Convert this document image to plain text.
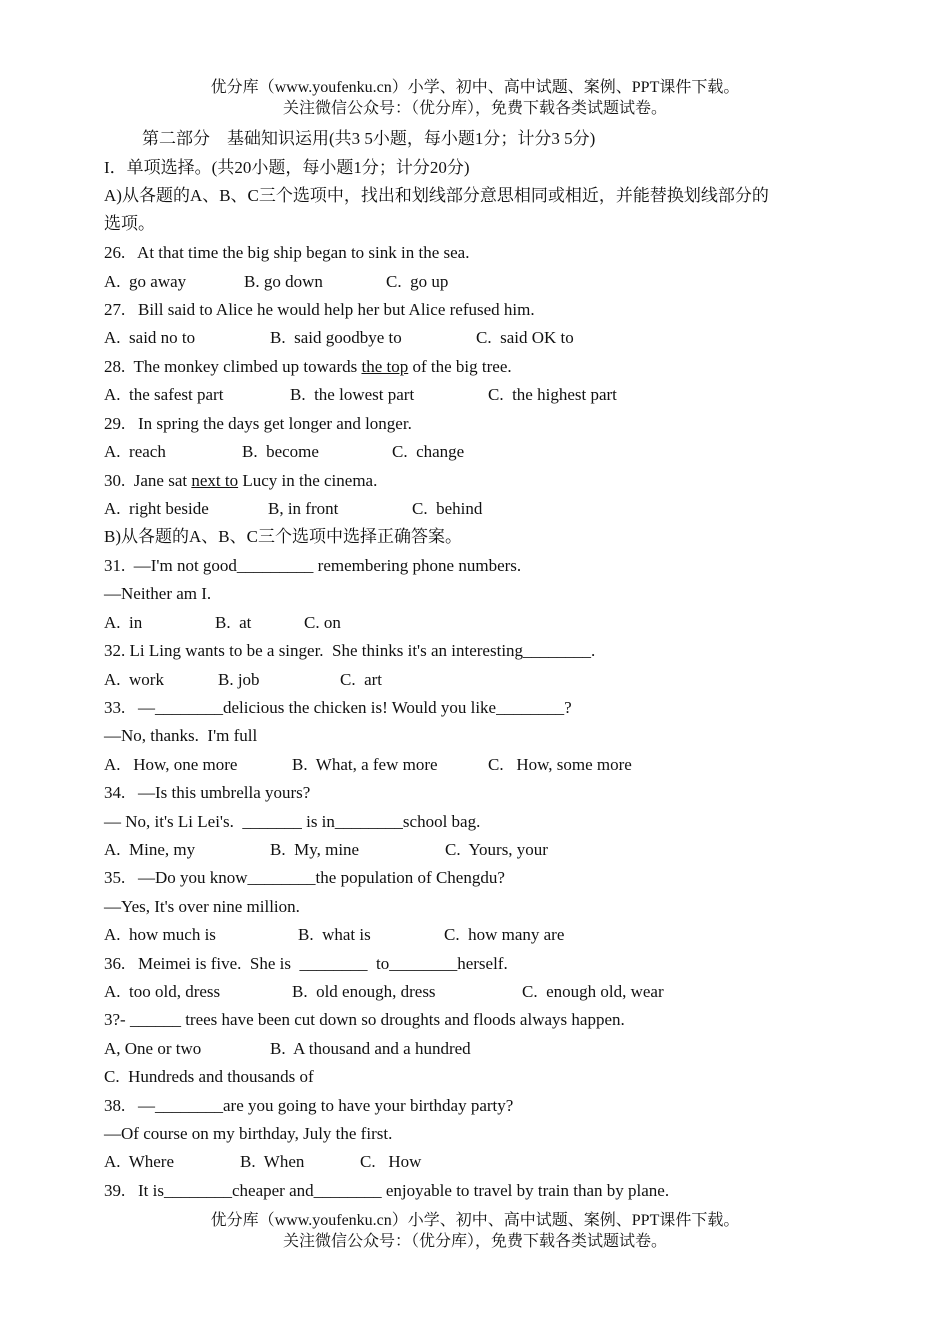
优分库（www.youfenku.cn）小学、初中、高中试题、案例、PPT课件下载。
关注微信公众号：（优分库），免费下载各类试题试卷。
第二部分　基础知识运用(共3 5小题，每小题1分；计分3 5分)
I．单项选择。(共20小题，每小题1分；计分20分)
A)从各题的A、B、C三个选项中，找出和划线部分意思相同或相近，并能替换划线部分的
选项。
26.   At that time the big ship began to sink in the sea.
A.  go away	B. go down	C.  go up
27.   Bill said to Alice he would help her but Alice refused him.
A.  said no to	B.  said goodbye to	C.  said OK to
28.  The monkey climbed up towards the top of the big tree.
A.  the safest part	B.  the lowest part	C.  the highest part
29.   In spring the days get longer and longer.
A.  reach	B.  become	C.  change
30.  Jane sat next to Lucy in the cinema.
A.  right beside	B, in front	C.  behind
B)从各题的A、B、C三个选项中选择正确答案。
31.  —I'm not good_________ remembering phone numbers.
—Neither am I.
A.  in	B.  at	C. on
32. Li Ling wants to be a singer.  She thinks it's an interesting________.
A.  work	B. job	C.  art
33.   —________delicious the chicken is! Would you like________?
—No, thanks.  I'm full
A.   How, one more	B.  What, a few more	C.   How, some more
34.   —Is this umbrella yours?
— No, it's Li Lei's.  _______ is in________school bag.
A.  Mine, my	B.  My, mine	C.  Yours, your
35.   —Do you know________the population of Chengdu?
—Yes, It's over nine million.
A.  how much is	B.  what is	C.  how many are
36.   Meimei is five.  She is  ________  to________herself.
A.  too old, dress	B.  old enough, dress	C.  enough old, wear
3?- ______ trees have been cut down so droughts and floods always happen.
A, One or two	B.  A thousand and a hundred
C.  Hundreds and thousands of
38.   —________are you going to have your birthday party?
—Of course on my birthday, July the first.
A.  Where	B.  When	C.   How
39.   It is________cheaper and________ enjoyable to travel by train than by plane.
优分库（www.youfenku.cn）小学、初中、高中试题、案例、PPT课件下载。
关注微信公众号：（优分库），免费下载各类试题试卷。
